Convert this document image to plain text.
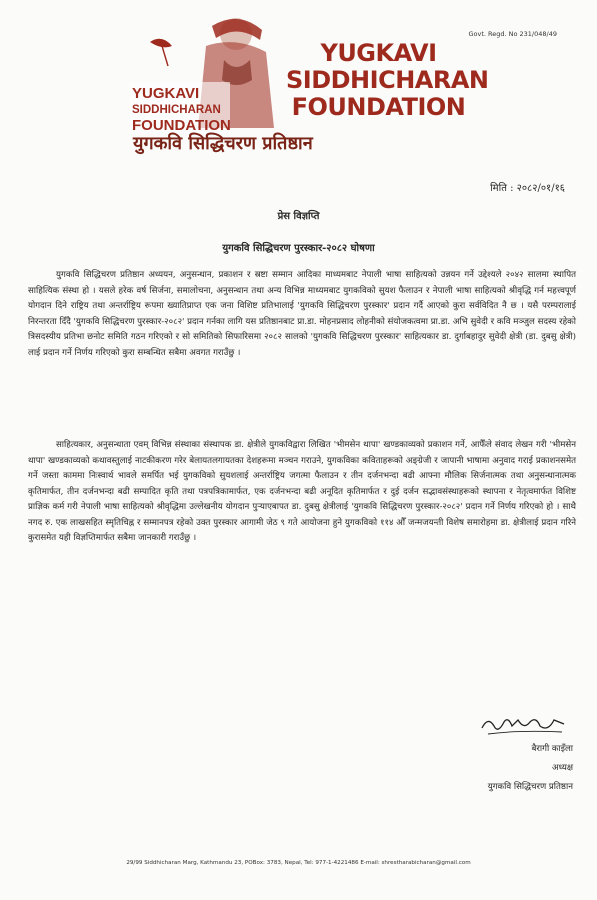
Govt. Regd. No 231/048/49
YUGKAVI
SIDDHICHARAN
FOUNDATION
YUGKAVI
SIDDHICHARAN
FOUNDATION
युगकवि सिद्धिचरण प्रतिष्ठान
मिति : २०८२/०१/१६
प्रेस विज्ञप्ति
युगकवि सिद्धिचरण पुरस्कार-२०८२ घोषणा

युगकवि सिद्धिचरण प्रतिष्ठान अध्ययन, अनुसन्धान, प्रकाशन र स्रष्टा सम्मान आदिका माध्यमबाट नेपाली भाषा साहित्यको उन्नयन गर्ने उद्देश्यले २०४२ सालमा स्थापित साहित्यिक संस्था हो । यसले हरेक वर्ष सिर्जना, समालोचना, अनुसन्धान तथा अन्य विभिन्न माध्यमबाट युगकविको सुयश फैलाउन र नेपाली भाषा साहित्यको श्रीवृद्धि गर्न महत्त्वपूर्ण योगदान दिने राष्ट्रिय तथा अन्तर्राष्ट्रिय रूपमा ख्यातिप्राप्त एक जना विशिष्ट प्रतिभालाई 'युगकवि सिद्धिचरण पुरस्कार' प्रदान गर्दै आएको कुरा सर्वविदित नै छ । यसै परम्परालाई निरन्तरता दिँदै 'युगकवि सिद्धिचरण पुरस्कार-२०८२' प्रदान गर्नका लागि यस प्रतिष्ठानबाट प्रा.डा. मोहनप्रसाद लोहनीको संयोजकत्वमा प्रा.डा. अभि सुवेदी र कवि मञ्जुल सदस्य रहेको त्रिसदस्यीय प्रतिभा छनोट समिति गठन गरिएको र सो समितिको सिफारिसमा २०८२ सालको 'युगकवि सिद्धिचरण पुरस्कार' साहित्यकार डा. दुर्गाबहादुर सुवेदी क्षेत्री (डा. दुबसु क्षेत्री) लाई प्रदान गर्ने निर्णय गरिएको कुरा सम्बन्धित सबैमा अवगत गराउँछु ।

साहित्यकार, अनुसन्धाता एवम् विभिन्न संस्थाका संस्थापक डा. क्षेत्रीले युगकविद्वारा लिखित 'भीमसेन थापा' खण्डकाव्यको प्रकाशन गर्ने, आफैँले संवाद लेखन गरी 'भीमसेन थापा' खण्डकाव्यको कथावस्तुलाई नाटकीकरण गरेर बेलायतलगायतका देशहरूमा मञ्चन गराउने, युगकविका कविताहरूको अङ्ग्रेजी र जापानी भाषामा अनुवाद गराई प्रकाशनसमेत गर्ने जस्ता काममा निःस्वार्थ भावले समर्पित भई युगकविको सुयशलाई अन्तर्राष्ट्रिय जगत्मा फैलाउन र तीन दर्जनभन्दा बढी आफ्ना मौलिक सिर्जनात्मक तथा अनुसन्धानात्मक कृतिमार्फत, तीन दर्जनभन्दा बढी सम्पादित कृति तथा पत्रपत्रिकामार्फत, एक दर्जनभन्दा बढी अनूदित कृतिमार्फत र दुई दर्जन सद्भावसंस्थाहरूको स्थापना र नेतृत्वमार्फत विशिष्ट प्राज्ञिक कर्म गरी नेपाली भाषा साहित्यको श्रीवृद्धिमा उल्लेखनीय योगदान पुऱ्याएबापत डा. दुबसु क्षेत्रीलाई 'युगकवि सिद्धिचरण पुरस्कार-२०८२' प्रदान गर्ने निर्णय गरिएको हो । साथै नगद रु. एक लाखसहित स्मृतिचिह्न र सम्मानपत्र रहेको उक्त पुरस्कार आगामी जेठ ९ गते आयोजना हुने युगकविको ११४ औँ जन्मजयन्ती विशेष समारोहमा डा. क्षेत्रीलाई प्रदान गरिने कुरासमेत यही विज्ञप्तिमार्फत सबैमा जानकारी गराउँछु ।

बैरागी काइँला
अध्यक्ष
युगकवि सिद्धिचरण प्रतिष्ठान
29/99 Siddhicharan Marg, Kathmandu 23, POBox: 3783, Nepal, Tel: 977-1-4221486 E-mail: shrestharabicharan@gmail.com
